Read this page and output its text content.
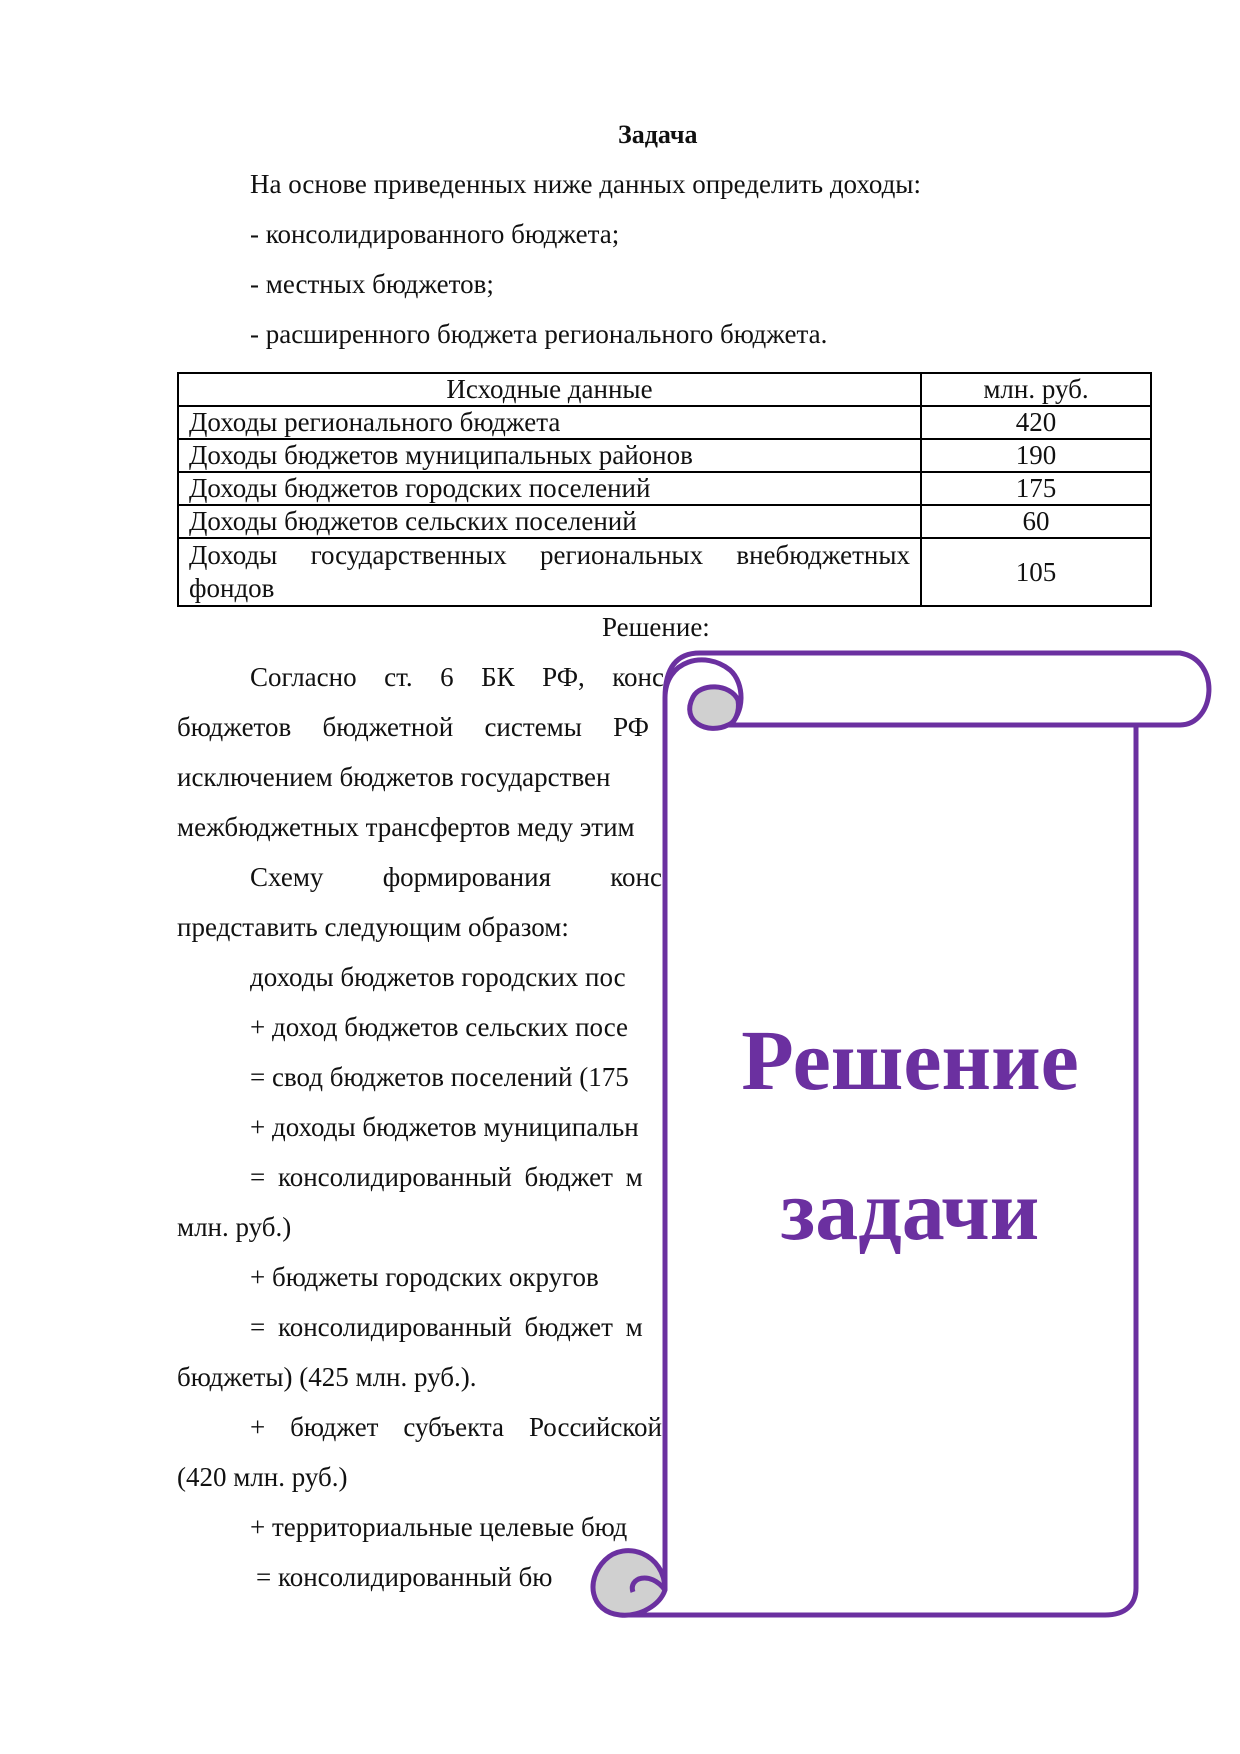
Задача
На основе приведенных ниже данных определить доходы:
- консолидированного бюджета;
- местных бюджетов;
- расширенного бюджета регионального бюджета.
Исходные данные	млн. руб.
Доходы регионального бюджета	420
Доходы бюджетов муниципальных районов	190
Доходы бюджетов городских поселений	175
Доходы бюджетов сельских поселений	60

Доходы государственных региональных внебюджетных
фондов	105
Решение:
Согласно ст. 6 БК РФ, конс
бюджетов бюджетной системы РФ
исключением бюджетов государствен
межбюджетных трансфертов меду этим
Схему формирования конс
представить следующим образом:
доходы бюджетов городских пос
+ доход бюджетов сельских посе
= свод бюджетов поселений (175
+ доходы бюджетов муниципальн
= консолидированный бюджет м
млн. руб.)
+ бюджеты городских округов
= консолидированный бюджет м
бюджеты) (425 млн. руб.).
+ бюджет субъекта Российской
(420 млн. руб.)
+ территориальные целевые бюд
= консолидированный бю
Решение
задачи
